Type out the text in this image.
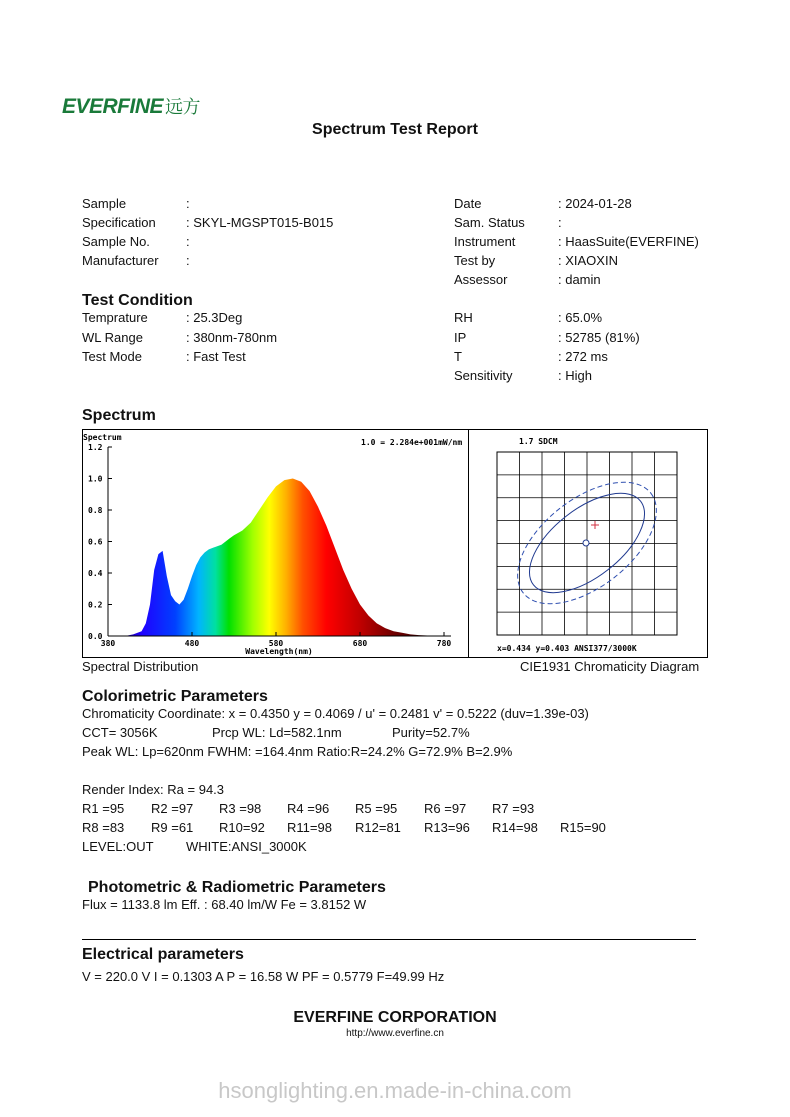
EVERFINE 远方
Spectrum Test Report
Sample	:
Specification : SKYL-MGSPT015-B015
Sample No.	:
Manufacturer :
Date	: 2024-01-28
Sam. Status	:
Instrument	: HaasSuite(EVERFINE)
Test by	: XIAOXIN
Assessor	: damin
Test Condition
Temprature	: 25.3Deg
WL Range	: 380nm-780nm
Test Mode	: Fast Test
RH	: 65.0%
IP	: 52785 (81%)
T	: 272 ms
Sensitivity	: High
Spectrum
0.0
0.2
0.4
0.6
0.8
1.0
1.2
380	480	580	680	780
Spectrum
1.0 = 2.284e+001mW/nm
Wavelength(nm)
1.7 SDCM
x=0.434 y=0.403 ANSI377/3000K
Spectral Distribution	CIE1931 Chromaticity Diagram
Colorimetric Parameters
Chromaticity Coordinate: x = 0.4350 y = 0.4069 / u' = 0.2481 v' = 0.5222 (duv=1.39e-03)
CCT= 3056K	Prcp WL: Ld=582.1nm	Purity=52.7%
Peak WL: Lp=620nm FWHM: =164.4nm Ratio:R=24.2% G=72.9% B=2.9%
Render Index: Ra = 94.3
R1 =95 R2 =97 R3 =98 R4 =96 R5 =95 R6 =97 R7 =93
R8 =83 R9 =61 R10=92 R11=98 R12=81 R13=96 R14=98 R15=90
LEVEL:OUT WHITE:ANSI_3000K
Photometric & Radiometric Parameters
Flux = 1133.8 lm Eff. : 68.40 lm/W Fe = 3.8152 W
Electrical parameters
V = 220.0 V I = 0.1303 A P = 16.58 W PF = 0.5779 F=49.99 Hz
EVERFINE CORPORATION
http://www.everfine.cn
hsonglighting.en.made-in-china.com
